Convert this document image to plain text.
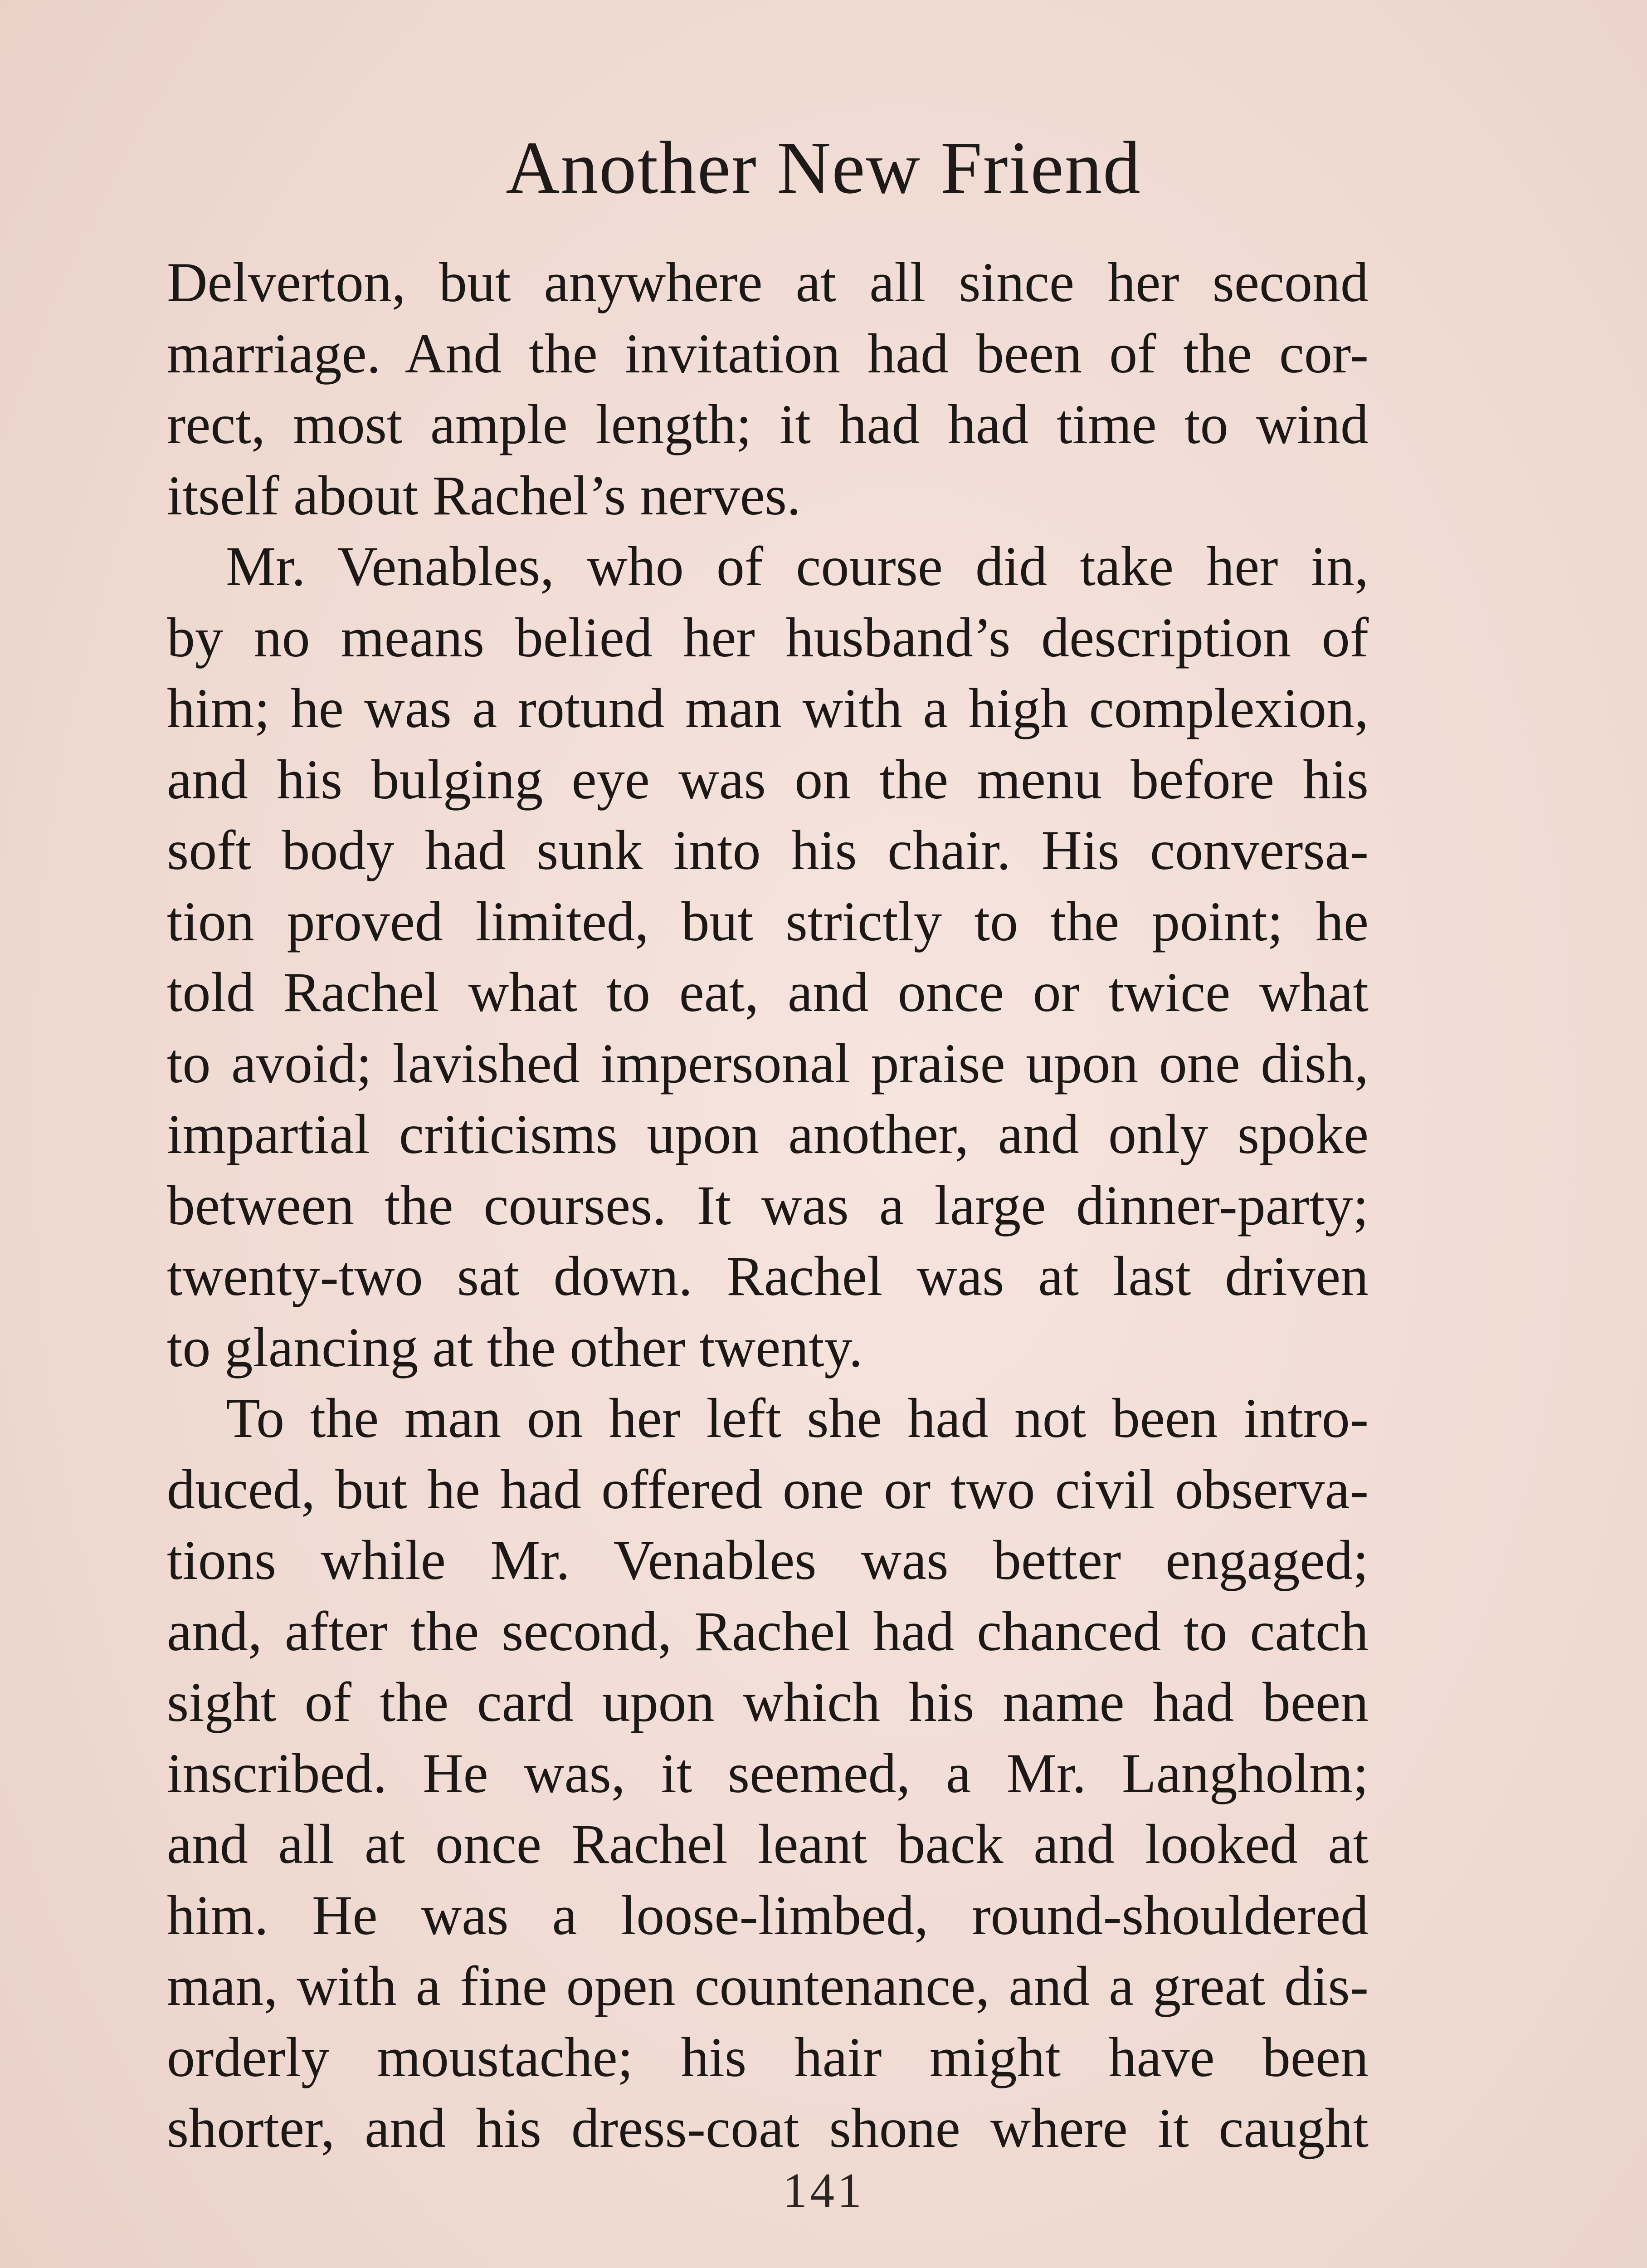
Another New Friend
Delverton, but anywhere at all since her second
marriage. And the invitation had been of the cor-
rect, most ample length; it had had time to wind
itself about Rachel’s nerves.
Mr. Venables, who of course did take her in,
by no means belied her husband’s description of
him; he was a rotund man with a high complexion,
and his bulging eye was on the menu before his
soft body had sunk into his chair. His conversa-
tion proved limited, but strictly to the point; he
told Rachel what to eat, and once or twice what
to avoid; lavished impersonal praise upon one dish,
impartial criticisms upon another, and only spoke
between the courses. It was a large dinner-party;
twenty-two sat down. Rachel was at last driven
to glancing at the other twenty.
To the man on her left she had not been intro-
duced, but he had offered one or two civil observa-
tions while Mr. Venables was better engaged;
and, after the second, Rachel had chanced to catch
sight of the card upon which his name had been
inscribed. He was, it seemed, a Mr. Langholm;
and all at once Rachel leant back and looked at
him. He was a loose-limbed, round-shouldered
man, with a fine open countenance, and a great dis-
orderly moustache; his hair might have been
shorter, and his dress-coat shone where it caught
141
